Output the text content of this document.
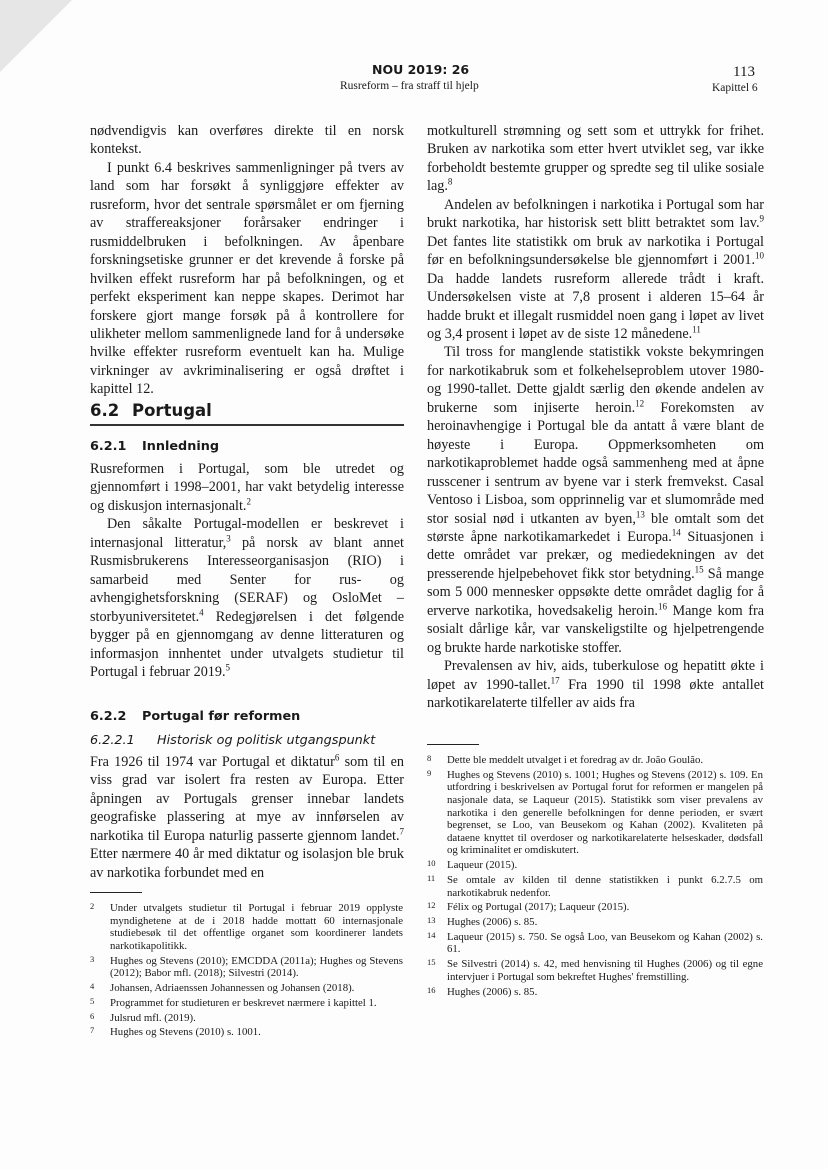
NOU 2019: 26
Rusreform – fra straff til hjelp
113
Kapittel 6

nødvendigvis kan overføres direkte til en norsk kontekst.

I punkt 6.4 beskrives sammenligninger på tvers av land som har forsøkt å synliggjøre effekter av rusreform, hvor det sentrale spørsmålet er om fjerning av straffereaksjoner forårsaker endringer i rusmiddelbruken i befolkningen. Av åpenbare forskningsetiske grunner er det krevende å forske på hvilken effekt rusreform har på befolkningen, og et perfekt eksperiment kan neppe skapes. Derimot har forskere gjort mange forsøk på å kontrollere for ulikheter mellom sammenlignede land for å undersøke hvilke effekter rusreform eventuelt kan ha. Mulige virkninger av avkriminalisering er også drøftet i kapittel 12.

6.2 Portugal
6.2.1 Innledning

Rusreformen i Portugal, som ble utredet og gjennomført i 1998–2001, har vakt betydelig interesse og diskusjon internasjonalt.$^2$

Den såkalte Portugal-modellen er beskrevet i internasjonal litteratur,$^3$ på norsk av blant annet Rusmisbrukerens Interesseorganisasjon (RIO) i samarbeid med Senter for rus- og avhengighetsforskning (SERAF) og OsloMet – storbyuniversitetet.$^4$ Redegjørelsen i det følgende bygger på en gjennomgang av denne litteraturen og informasjon innhentet under utvalgets studietur til Portugal i februar 2019.$^5$

6.2.2 Portugal før reformen
6.2.2.1 Historisk og politisk utgangspunkt

Fra 1926 til 1974 var Portugal et diktatur$^6$ som til en viss grad var isolert fra resten av Europa. Etter åpningen av Portugals grenser innebar landets geografiske plassering at mye av innførselen av narkotika til Europa naturlig passerte gjennom landet.$^7$ Etter nærmere 40 år med diktatur og isolasjon ble bruk av narkotika forbundet med en

2 Under utvalgets studietur til Portugal i februar 2019 opplyste myndighetene at de i 2018 hadde mottatt 60 internasjonale studiebesøk til det offentlige organet som koordinerer landets narkotikapolitikk.
3 Hughes og Stevens (2010); EMCDDA (2011a); Hughes og Stevens (2012); Babor mfl. (2018); Silvestri (2014).
4 Johansen, Adriaenssen Johannessen og Johansen (2018).
5 Programmet for studieturen er beskrevet nærmere i kapittel 1.
6 Julsrud mfl. (2019).
7 Hughes og Stevens (2010) s. 1001.

motkulturell strømning og sett som et uttrykk for frihet. Bruken av narkotika som etter hvert utviklet seg, var ikke forbeholdt bestemte grupper og spredte seg til ulike sosiale lag.$^8$

Andelen av befolkningen i narkotika i Portugal som har brukt narkotika, har historisk sett blitt betraktet som lav.$^9$ Det fantes lite statistikk om bruk av narkotika i Portugal før en befolkningsundersøkelse ble gjennomført i 2001.10 Da hadde landets rusreform allerede trådt i kraft. Undersøkelsen viste at 7,8 prosent i alderen 15–64 år hadde brukt et illegalt rusmiddel noen gang i løpet av livet og 3,4 prosent i løpet av de siste 12 månedene.$^{11}$

Til tross for manglende statistikk vokste bekymringen for narkotikabruk som et folkehelseproblem utover 1980- og 1990-tallet. Dette gjaldt særlig den økende andelen av brukerne som injiserte heroin.$^{12}$ Forekomsten av heroinavhengige i Portugal ble da antatt å være blant de høyeste i Europa. Oppmerksomheten om narkotikaproblemet hadde også sammenheng med at åpne russcener i sentrum av byene var i sterk fremvekst. Casal Ventoso i Lisboa, som opprinnelig var et slumområde med stor sosial nød i utkanten av byen,$^{13}$ ble omtalt som det største åpne narkotikamarkedet i Europa.$^{14}$ Situasjonen i dette området var prekær, og mediedekningen av det presserende hjelpebehovet fikk stor betydning.$^{15}$ Så mange som 5 000 mennesker oppsøkte dette området daglig for å erverve narkotika, hovedsakelig heroin.$^{16}$ Mange kom fra sosialt dårlige kår, var vanskeligstilte og hjelpetrengende og brukte harde narkotiske stoffer.

Prevalensen av hiv, aids, tuberkulose og hepatitt økte i løpet av 1990-tallet.$^{17}$ Fra 1990 til 1998 økte antallet narkotikarelaterte tilfeller av aids fra

8 Dette ble meddelt utvalget i et foredrag av dr. João Goulão.
9 Hughes og Stevens (2010) s. 1001; Hughes og Stevens (2012) s. 109. En utfordring i beskrivelsen av Portugal forut for reformen er mangelen på nasjonale data, se Laqueur (2015). Statistikk som viser prevalens av narkotika i den generelle befolkningen for denne perioden, er svært begrenset, se Loo, van Beusekom og Kahan (2002). Kvaliteten på dataene knyttet til overdoser og narkotikarelaterte helseskader, dødsfall og kriminalitet er omdiskutert.
10 Laqueur (2015).
11 Se omtale av kilden til denne statistikken i punkt 6.2.7.5 om narkotikabruk nedenfor.
12 Félix og Portugal (2017); Laqueur (2015).
13 Hughes (2006) s. 85.
14 Laqueur (2015) s. 750. Se også Loo, van Beusekom og Kahan (2002) s. 61.
15 Se Silvestri (2014) s. 42, med henvisning til Hughes (2006) og til egne intervjuer i Portugal som bekreftet Hughes' fremstilling.
16 Hughes (2006) s. 85.
